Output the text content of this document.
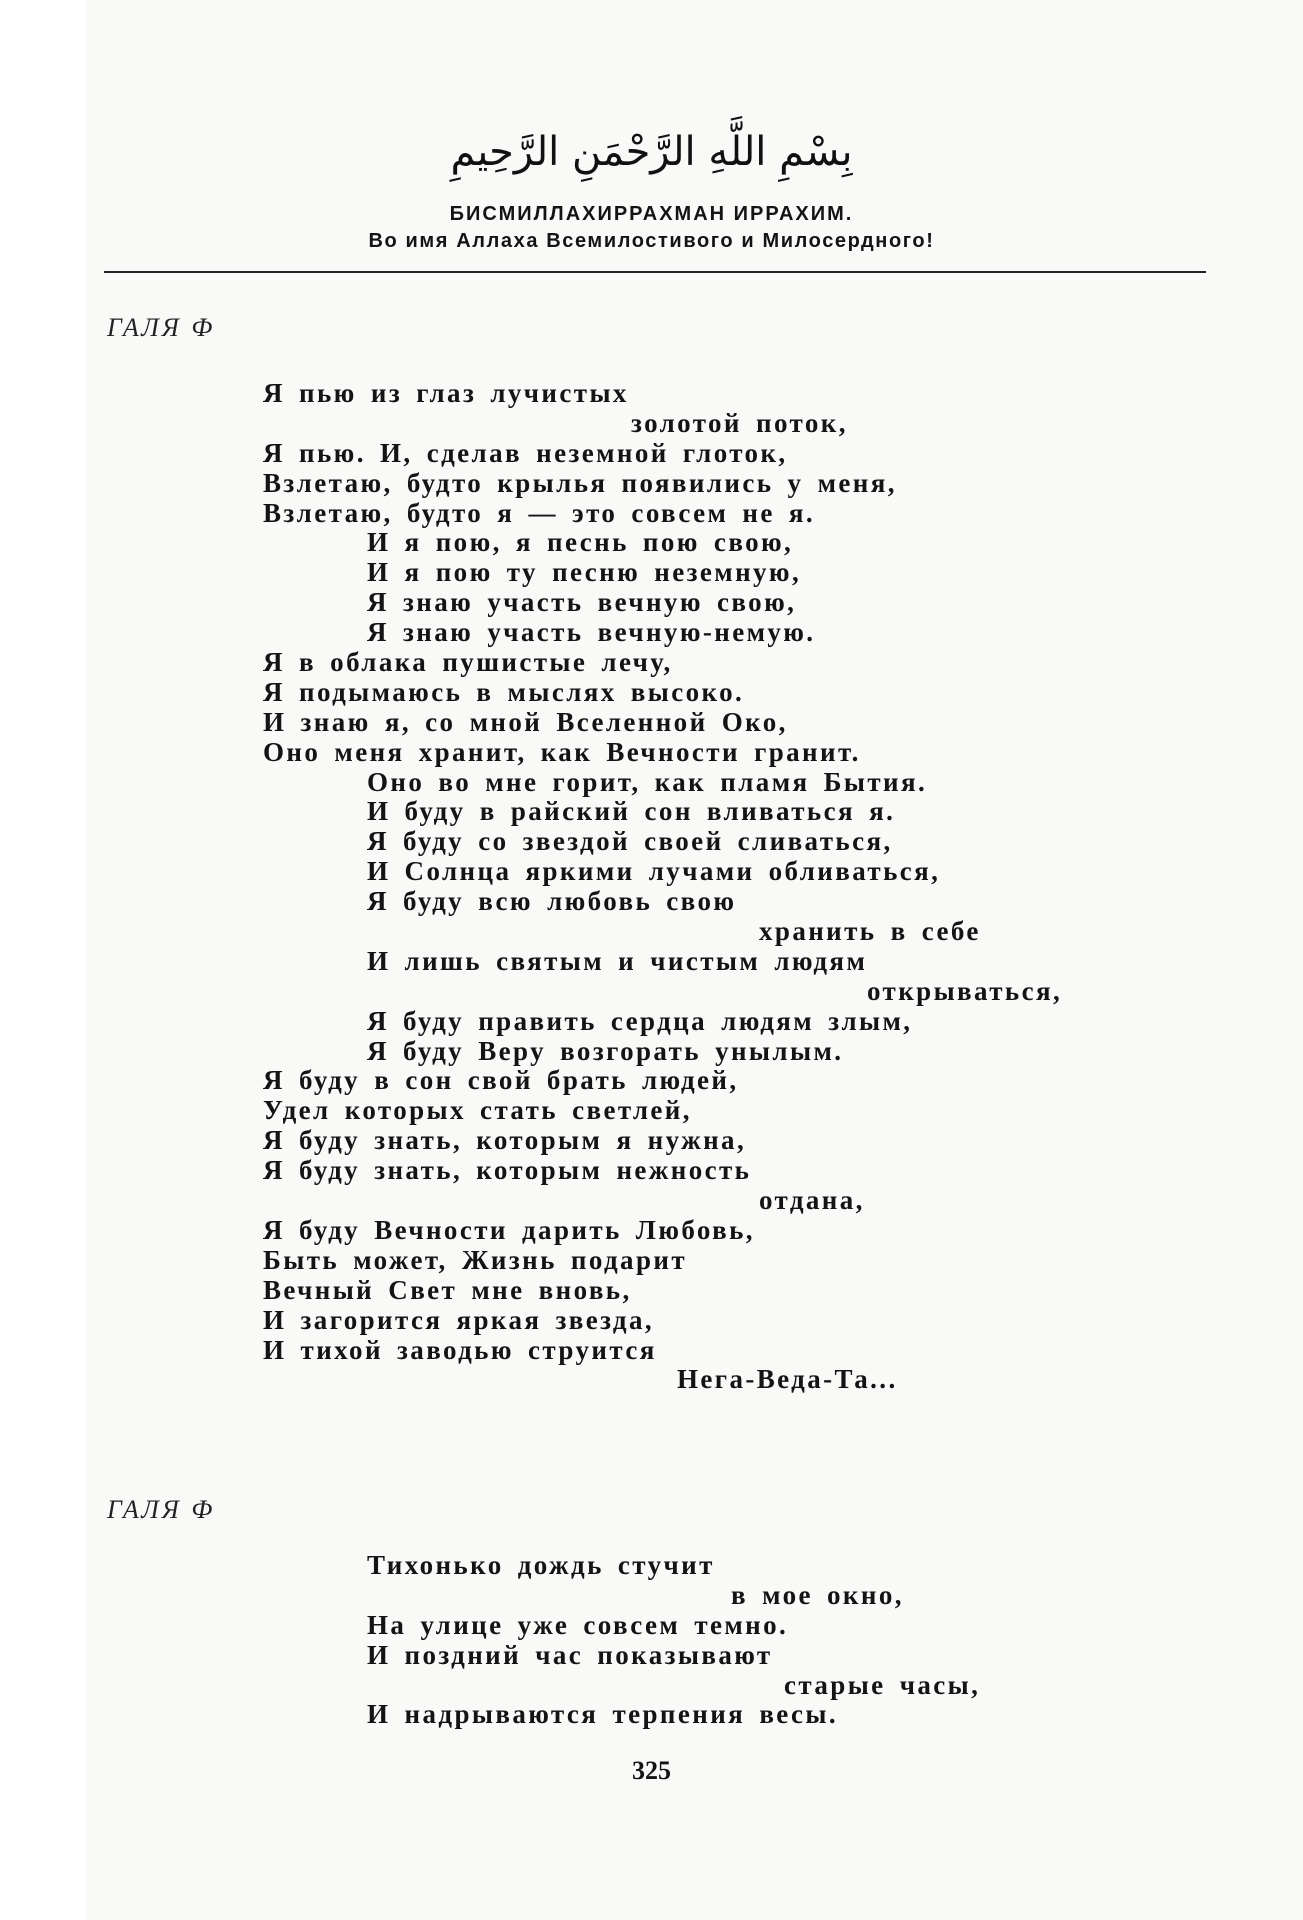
بِسْمِ اللَّهِ الرَّحْمَنِ الرَّحِيمِ
БИСМИЛЛАХИРРАХМАН ИРРАХИМ.
Во имя Аллаха Всемилостивого и Милосердного!
ГАЛЯ Ф
Я пью из глаз лучистых
золотой поток,
Я пью. И, сделав неземной глоток,
Взлетаю, будто крылья появились у меня,
Взлетаю, будто я — это совсем не я.
И я пою, я песнь пою свою,
И я пою ту песню неземную,
Я знаю участь вечную свою,
Я знаю участь вечную-немую.
Я в облака пушистые лечу,
Я подымаюсь в мыслях высоко.
И знаю я, со мной Вселенной Око,
Оно меня хранит, как Вечности гранит.
Оно во мне горит, как пламя Бытия.
И буду в райский сон вливаться я.
Я буду со звездой своей сливаться,
И Солнца яркими лучами обливаться,
Я буду всю любовь свою
хранить в себе
И лишь святым и чистым людям
открываться,
Я буду править сердца людям злым,
Я буду Веру возгорать унылым.
Я буду в сон свой брать людей,
Удел которых стать светлей,
Я буду знать, которым я нужна,
Я буду знать, которым нежность
отдана,
Я буду Вечности дарить Любовь,
Быть может, Жизнь подарит
Вечный Свет мне вновь,
И загорится яркая звезда,
И тихой заводью струится
Нега-Веда-Та...
ГАЛЯ Ф
Тихонько дождь стучит
в мое окно,
На улице уже совсем темно.
И поздний час показывают
старые часы,
И надрываются терпения весы.
325
